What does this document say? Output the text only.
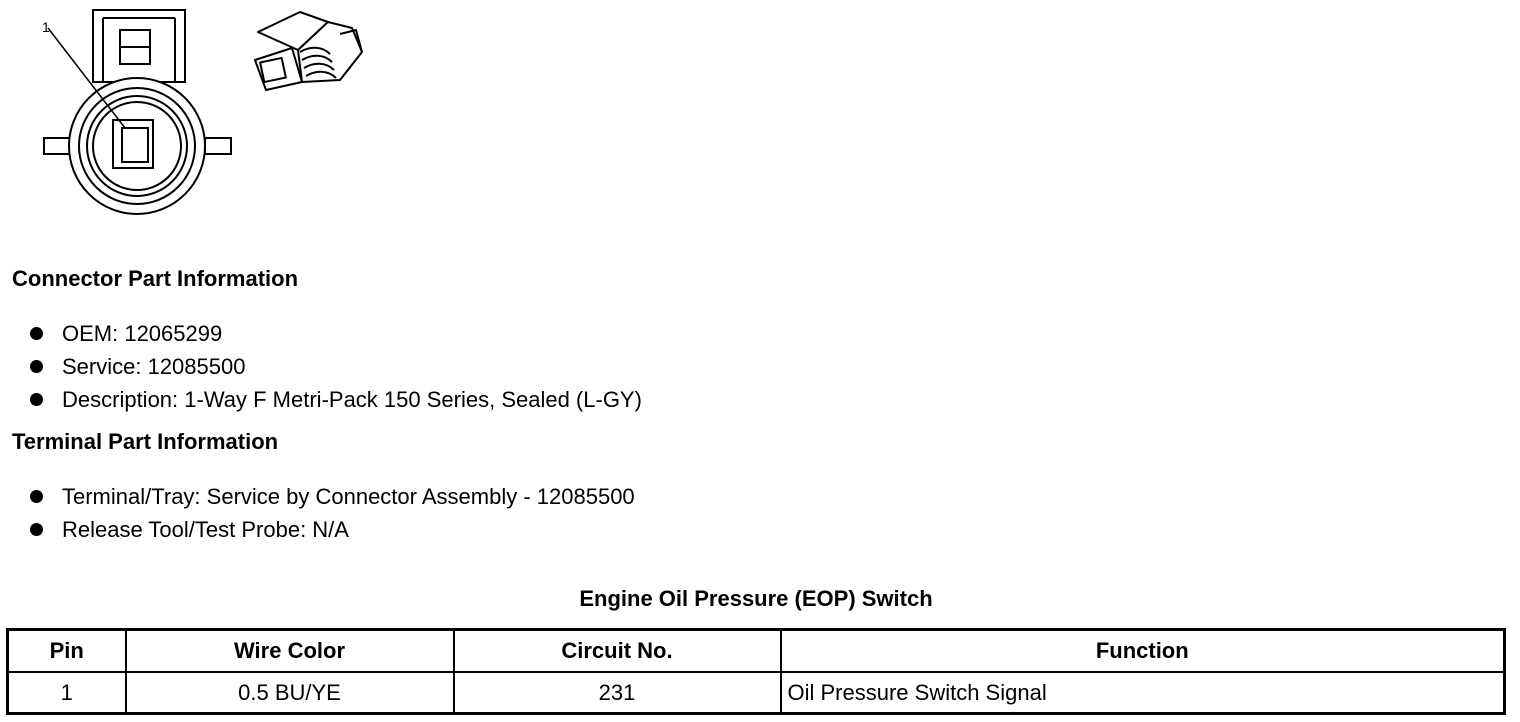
1
Connector Part Information
OEM: 12065299
Service: 12085500
Description: 1-Way F Metri-Pack 150 Series, Sealed (L-GY)
Terminal Part Information
Terminal/Tray: Service by Connector Assembly - 12085500
Release Tool/Test Probe: N/A
Engine Oil Pressure (EOP) Switch
Pin	Wire Color	Circuit No.	Function
1	0.5 BU/YE	231	Oil Pressure Switch Signal
